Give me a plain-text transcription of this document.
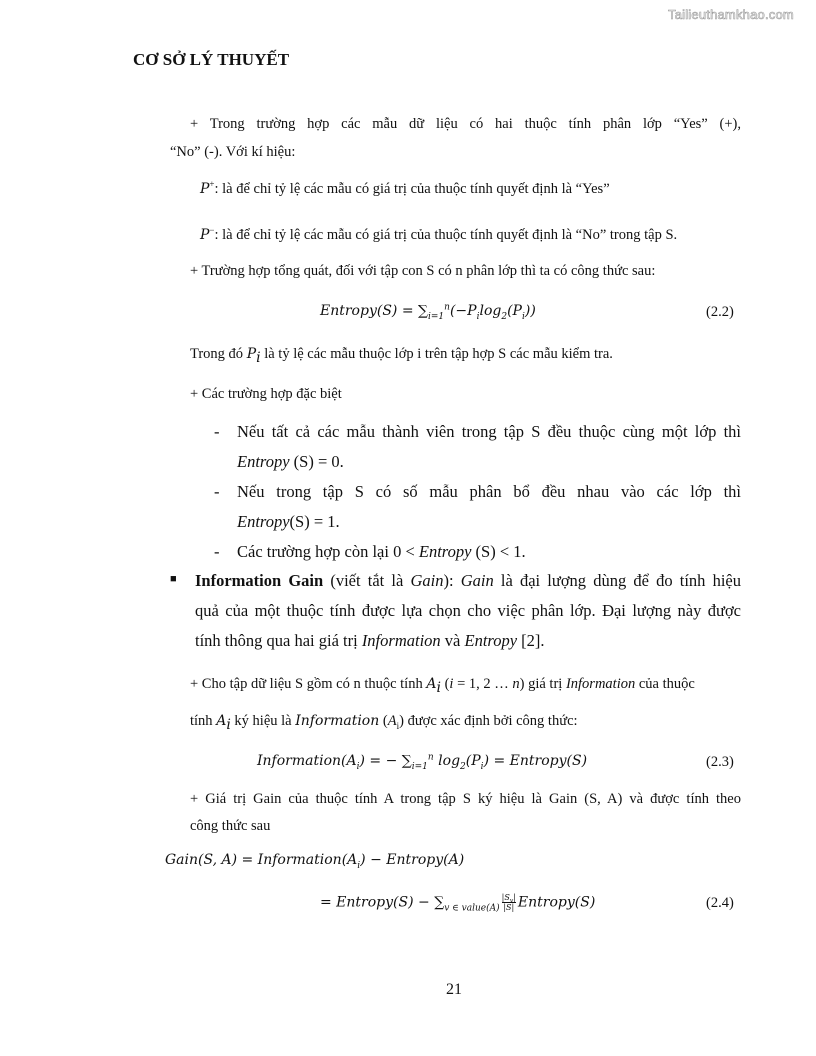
Tailieuthamkhao.com
CƠ SỞ LÝ THUYẾT
+ Trong trường hợp các mẫu dữ liệu có hai thuộc tính phân lớp “Yes” (+),
“No” (-). Với kí hiệu:
P+: là để chỉ tỷ lệ các mẫu có giá trị của thuộc tính quyết định là “Yes”
P−: là để chỉ tỷ lệ các mẫu có giá trị của thuộc tính quyết định là “No” trong tập S.
+ Trường hợp tổng quát, đối với tập con S có n phân lớp thì ta có công thức sau:
Entropy(S) = $\sum_{i=1}^n(-P_i\log_2(P_i))$	(2.2)
Trong đó $P_i$ là tỷ lệ các mẫu thuộc lớp i trên tập hợp S các mẫu kiểm tra.
+ Các trường hợp đặc biệt
- Nếu tất cả các mẫu thành viên trong tập S đều thuộc cùng một lớp thì
Entropy (S) = 0.
- Nếu trong tập S có số mẫu phân bổ đều nhau vào các lớp thì
Entropy(S) = 1.
- Các trường hợp còn lại 0 < Entropy (S) < 1.
■ Information Gain (viết tắt là Gain): Gain là đại lượng dùng để đo tính hiệu
quả của một thuộc tính được lựa chọn cho việc phân lớp. Đại lượng này được
tính thông qua hai giá trị Information và Entropy [2].
+ Cho tập dữ liệu S gồm có n thuộc tính $A_i$ (i = 1, 2 … n) giá trị Information của thuộc
tính $A_i$ ký hiệu là Information $(A_i)$ được xác định bởi công thức:
$Information(A_i)$ = − $\sum_{i=1}^n$ $\log_2(P_i)$ = Entropy(S)	(2.3)
+ Giá trị Gain của thuộc tính A trong tập S ký hiệu là Gain (S, A) và được tính theo
công thức sau
Gain(S, $A) = Information(A_i)$ − Entropy(A)
= Entropy(S) − $\sum_{v \in value(A)} \frac{|S_v|}{|S|}$ Entropy(S)	(2.4)
21
